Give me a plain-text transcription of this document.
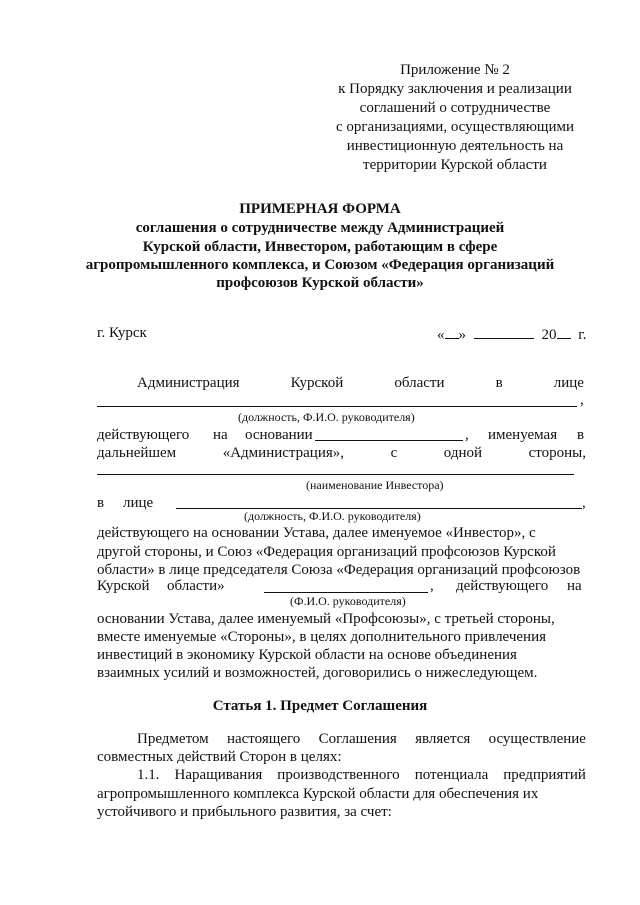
Приложение № 2
к Порядку заключения и реализации
соглашений о сотрудничестве
с организациями, осуществляющими
инвестиционную деятельность на
территории Курской области
ПРИМЕРНАЯ ФОРМА
соглашения о сотрудничестве между Администрацией
Курской области, Инвестором, работающим в сфере
агропромышленного комплекса, и Союзом «Федерация организаций
профсоюзов Курской области»
г. Курск	« »	20 г.
Администрация	Курской	области	в	лице
,
(должность, Ф.И.О. руководителя)
действующего на основании	, именуемая в
дальнейшем	«Администрация»,	с	одной	стороны,
(наименование Инвестора)
в лице	,
(должность, Ф.И.О. руководителя)
действующего на основании Устава, далее именуемое «Инвестор», с
другой стороны, и Союз «Федерация организаций профсоюзов Курской
области» в лице председателя Союза «Федерация организаций профсоюзов
Курской области»	, действующего на
(Ф.И.О. руководителя)
основании Устава, далее именуемый «Профсоюзы», с третьей стороны,
вместе именуемые «Стороны», в целях дополнительного привлечения
инвестиций в экономику Курской области на основе объединения
взаимных усилий и возможностей, договорились о нижеследующем.
Статья 1. Предмет Соглашения
Предметом настоящего Соглашения является осуществление
совместных действий Сторон в целях:
1.1. Наращивания производственного потенциала предприятий
агропромышленного комплекса Курской области для обеспечения их
устойчивого и прибыльного развития, за счет:
